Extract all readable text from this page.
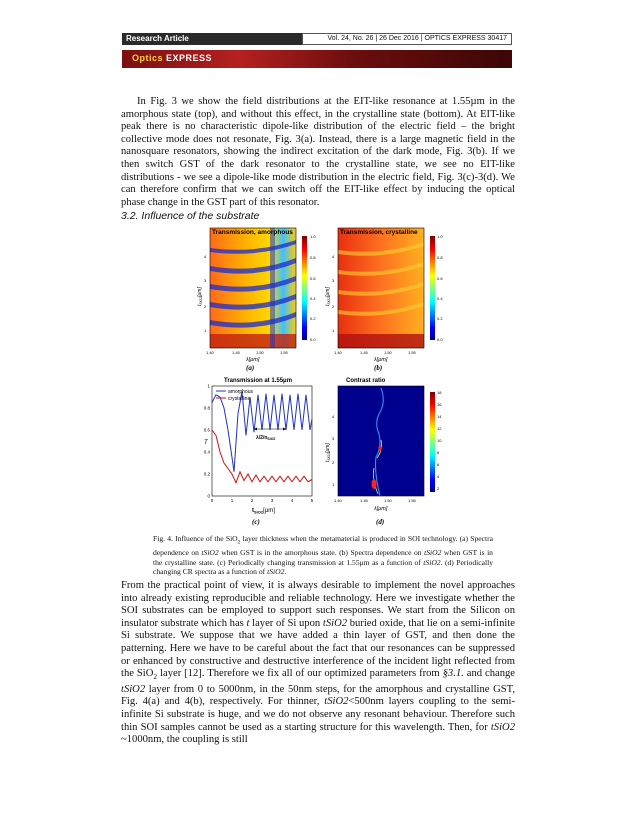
Research Article	Vol. 24, No. 26 | 26 Dec 2016 | OPTICS EXPRESS 30417
Optics EXPRESS

In Fig. 3 we show the field distributions at the EIT-like resonance at 1.55µm in the amorphous state (top), and without this effect, in the crystalline state (bottom). At EIT-like peak there is no characteristic dipole-like distribution of the electric field – the bright collective mode does not resonate, Fig. 3(a). Instead, there is a large magnetic field in the nanosquare resonators, showing the indirect excitation of the dark mode, Fig. 3(b). If we then switch GST of the dark resonator to the crystalline state, we see no EIT-like distributions - we see a dipole-like mode distribution in the electric field, Fig. 3(c)-3(d). We can therefore confirm that we can switch off the EIT-like effect by inducing the optical phase change in the GST part of this resonator.

3.2. Influence of the substrate
Transmission, amorphous
1.0
0.8
0.6
0.4
0.2
0.0
4
3
2
1
1.40	1.45	1.50	1.55
λ[μm]
$t_{SiO2}[\mu m]$
(a)
Transmission, crystalline
1.0
0.8
0.6
0.4
0.2
0.0
4
3
2
1
1.40	1.45	1.50	1.55
λ[μm]
$t_{SiO2}[\mu m]$
(b)
Transmission at 1.55μm
0	1	2	3	4	5
1
0.8
0.6
0.4
0.2
0
amorphous
crystalline
$\lambda/2/n_{SiO2}$
T
$t_{SiO2}[\mu m]$
(c)
Contrast ratio
18
16
14
12
10
8
6
4
2
4
3
2
1
1.40	1.45	1.50	1.55
λ[μm]
$t_{SiO2}[\mu m]$
(d)
Fig. 4. Influence of the SiO$_2$ layer thickness when the metamaterial is produced in SOI technology. (a) Spectra dependence on tSiO2 when GST is in the amorphous state. (b) Spectra dependence on tSiO2 when GST is in the crystalline state. (c) Periodically changing transmission at 1.55μm as a function of tSiO2. (d) Periodically changing CR spectra as a function of tSiO2.

From the practical point of view, it is always desirable to implement the novel approaches into already existing reproducible and reliable technology. Here we investigate whether the SOI substrates can be employed to support such responses. We start from the Silicon on insulator substrate which has t layer of Si upon tSiO2 buried oxide, that lie on a semi-infinite Si substrate. We suppose that we have added a thin layer of GST, and then done the patterning. Here we have to be careful about the fact that our resonances can be suppressed or enhanced by constructive and destructive interference of the incident light reflected from the SiO$_2$ layer [12]. Therefore we fix all of our optimized parameters from §3.1. and change tSiO2 layer from 0 to 5000nm, in the 50nm steps, for the amorphous and crystalline GST, Fig. 4(a) and 4(b), respectively. For thinner, tSiO2<500nm layers coupling to the semi-infinite Si substrate is huge, and we do not observe any resonant behaviour. Therefore such thin SOI samples cannot be used as a starting structure for this wavelength. Then, for tSiO2 ~1000nm, the coupling is still
